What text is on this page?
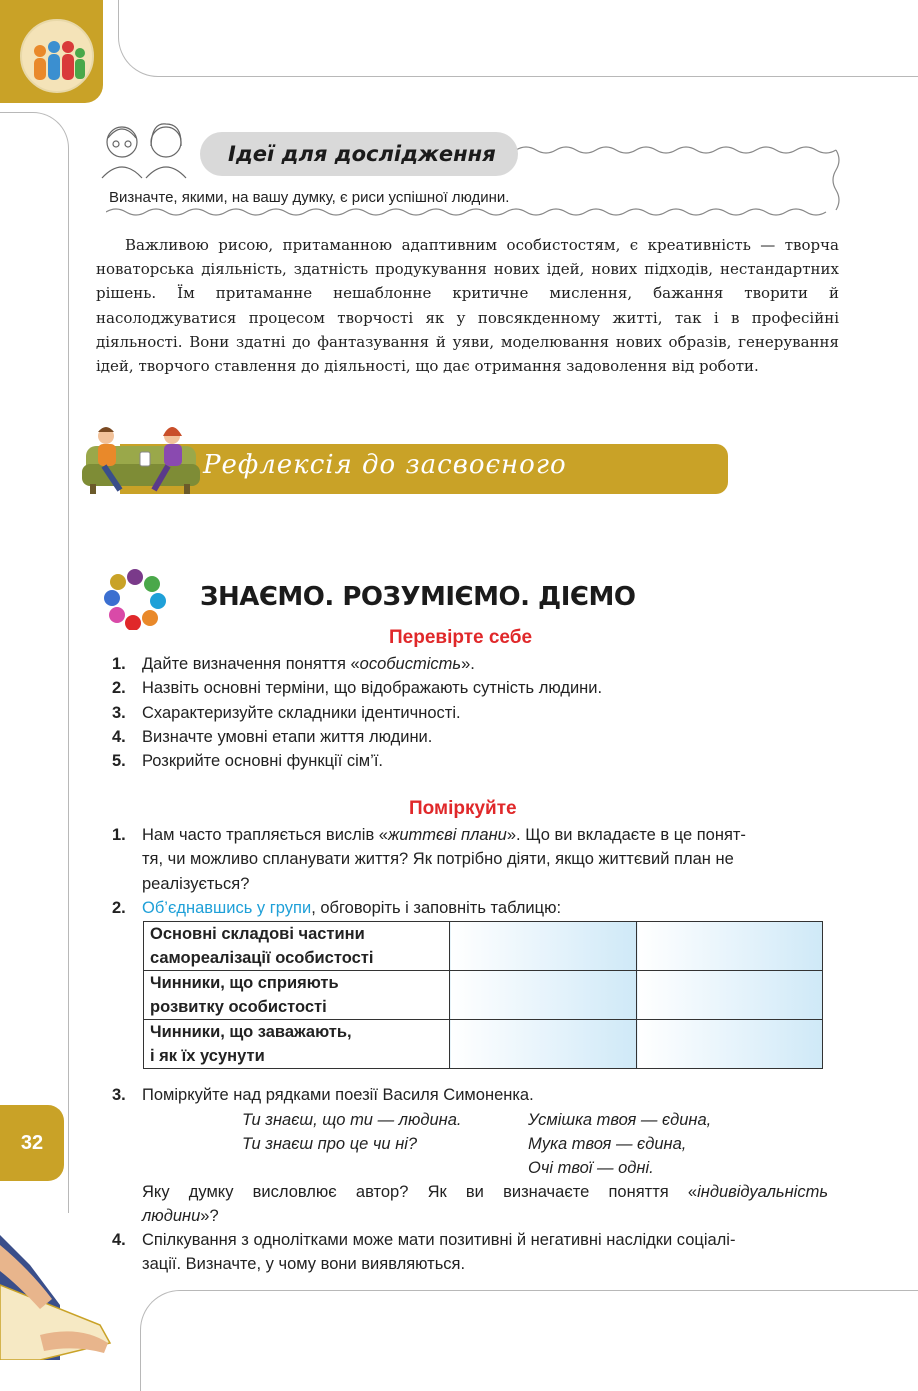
32
Ідеї для дослідження
Визначте, якими, на вашу думку, є риси успішної людини.
Важливою рисою, притаманною адаптивним особистостям, є креативність — творча новаторська діяльність, здатність продукування нових ідей, нових підходів, нестандартних рішень. Їм притаманне нешаблонне критичне мислення, бажання творити й насолоджуватися процесом творчості як у повсякденному житті, так і в професійні діяльності. Вони здатні до фантазування й уяви, моделювання нових образів, генерування ідей, творчого ставлення до діяльності, що дає отримання задоволення від роботи.
Рефлексія до засвоєного
ЗНАЄМО. РОЗУМІЄМО. ДІЄМО
Перевірте себе
1. Дайте визначення поняття «особистість».
2. Назвіть основні терміни, що відображають сутність людини.
3. Схарактеризуйте складники ідентичності.
4. Визначте умовні етапи життя людини.
5. Розкрийте основні функції сім’ї.
Поміркуйте
1. Нам часто трапляється вислів «життєві плани». Що ви вкладаєте в це понят-
тя, чи можливо спланувати життя? Як потрібно діяти, якщо життєвий план не
реалізується?
2. Об’єднавшись у групи, обговоріть і заповніть таблицю:
Основні складові частини
самореалізації особистості		

Чинники, що сприяють
розвитку особистості		

Чинники, що заважають,
і як їх усунути		

3. Поміркуйте над рядками поезії Василя Симоненка.
Ти знаєш, що ти — людина.
Ти знаєш про це чи ні?
Усмішка твоя — єдина,
Мука твоя — єдина,
Очі твої — одні.
Яку думку висловлює автор? Як ви визначаєте поняття «індивідуальність
людини»?
4. Спілкування з однолітками може мати позитивні й негативні наслідки соціалі-
зації. Визначте, у чому вони виявляються.
